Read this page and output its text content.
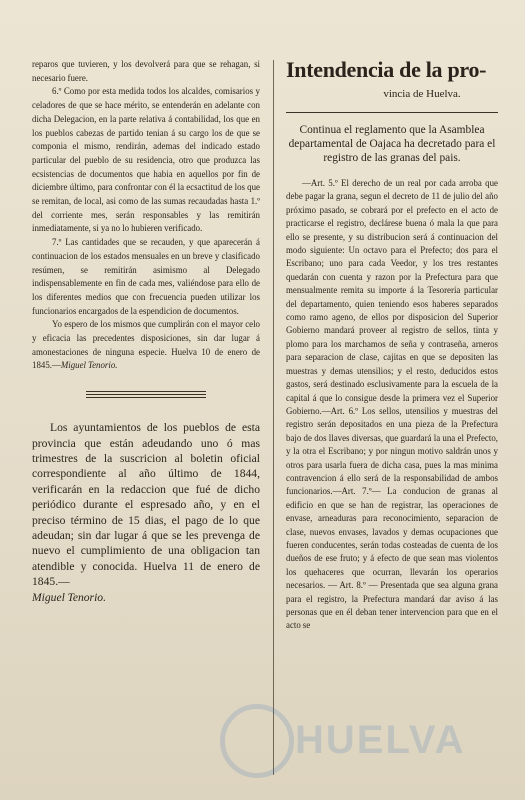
reparos que tuvieren, y los devolverá para que se rehagan, si necesario fuere.

6.º Como por esta medida todos los alcaldes, comisarios y celadores de que se hace mérito, se entenderán en adelante con dicha Delegacion, en la parte relativa á contabilidad, los que en los pueblos cabezas de partido tenian á su cargo los de que se componia el mismo, rendirán, ademas del indicado estado particular del pueblo de su residencia, otro que produzca las ecsistencias de documentos que habia en aquellos por fin de diciembre último, para confrontar con él la ecsactitud de los que se remitan, de local, asi como de las sumas recaudadas hasta 1.º del corriente mes, serán responsables y las remitirán inmediatamente, si ya no lo hubieren verificado.

7.º Las cantidades que se recauden, y que aparecerán á continuacion de los estados mensuales en un breve y clasificado resúmen, se remitirán asimismo al Delegado indispensablemente en fin de cada mes, valiéndose para ello de los diferentes medios que con frecuencia pueden utilizar los funcionarios encargados de la espendicion de documentos.

Yo espero de los mismos que cumplirán con el mayor celo y eficacia las precedentes disposiciones, sin dar lugar á amonestaciones de ninguna especie. Huelva 10 de enero de 1845.—Miguel Tenorio.

Los ayuntamientos de los pueblos de esta provincia que están adeudando uno ó mas trimestres de la suscricion al boletin oficial correspondiente al año último de 1844, verificarán en la redaccion que fué de dicho periódico durante el espresado año, y en el preciso término de 15 dias, el pago de lo que adeudan; sin dar lugar á que se les prevenga de nuevo el cumplimiento de una obligacion tan atendible y conocida. Huelva 11 de enero de 1845.—
Miguel Tenorio.

Intendencia de la pro-
vincia de Huelva.

Continua el reglamento que la Asamblea departamental de Oajaca ha decretado para el registro de las granas del pais.

—Art. 5.º El derecho de un real por cada arroba que debe pagar la grana, segun el decreto de 11 de julio del año próximo pasado, se cobrará por el prefecto en el acto de practicarse el registro, declárese buena ó mala la que para ello se presente, y su distribucion será á continuacion del modo siguiente: Un octavo para el Prefecto; dos para el Escribano; uno para cada Veedor, y los tres restantes quedarán con cuenta y razon por la Prefectura para que mensualmente remita su importe á la Tesorería particular del departamento, quien teniendo esos haberes separados como ramo ageno, de ellos por disposicion del Superior Gobierno mandará proveer al registro de sellos, tinta y plomo para los marchamos de seña y contraseña, arneros para separacion de clase, cajitas en que se depositen las muestras y demas utensilios; y el resto, deducidos estos gastos, será destinado esclusivamente para la escuela de la capital á que lo consigue desde la primera vez el Superior Gobierno.—Art. 6.º Los sellos, utensilios y muestras del registro serán depositados en una pieza de la Prefectura bajo de dos llaves diversas, que guardará la una el Prefecto, y la otra el Escribano; y por ningun motivo saldrán unos y otros para usarla fuera de dicha casa, pues la mas minima contravencion á ello será de la responsabilidad de ambos funcionarios.—Art. 7.º— La conducion de granas al edificio en que se han de registrar, las operaciones de envase, arneaduras para reconocimiento, separacion de clase, nuevos envases, lavados y demas ocupaciones que fueren conducentes, serán todas costeadas de cuenta de los dueños de ese fruto; y á efecto de que sean mas violentos los quehaceres que ocurran, llevarán los operarios necesarios. — Art. 8.º — Presentada que sea alguna grana para el registro, la Prefectura mandará dar aviso á las personas que en él deban tener intervencion para que en el acto se

HUELVA
